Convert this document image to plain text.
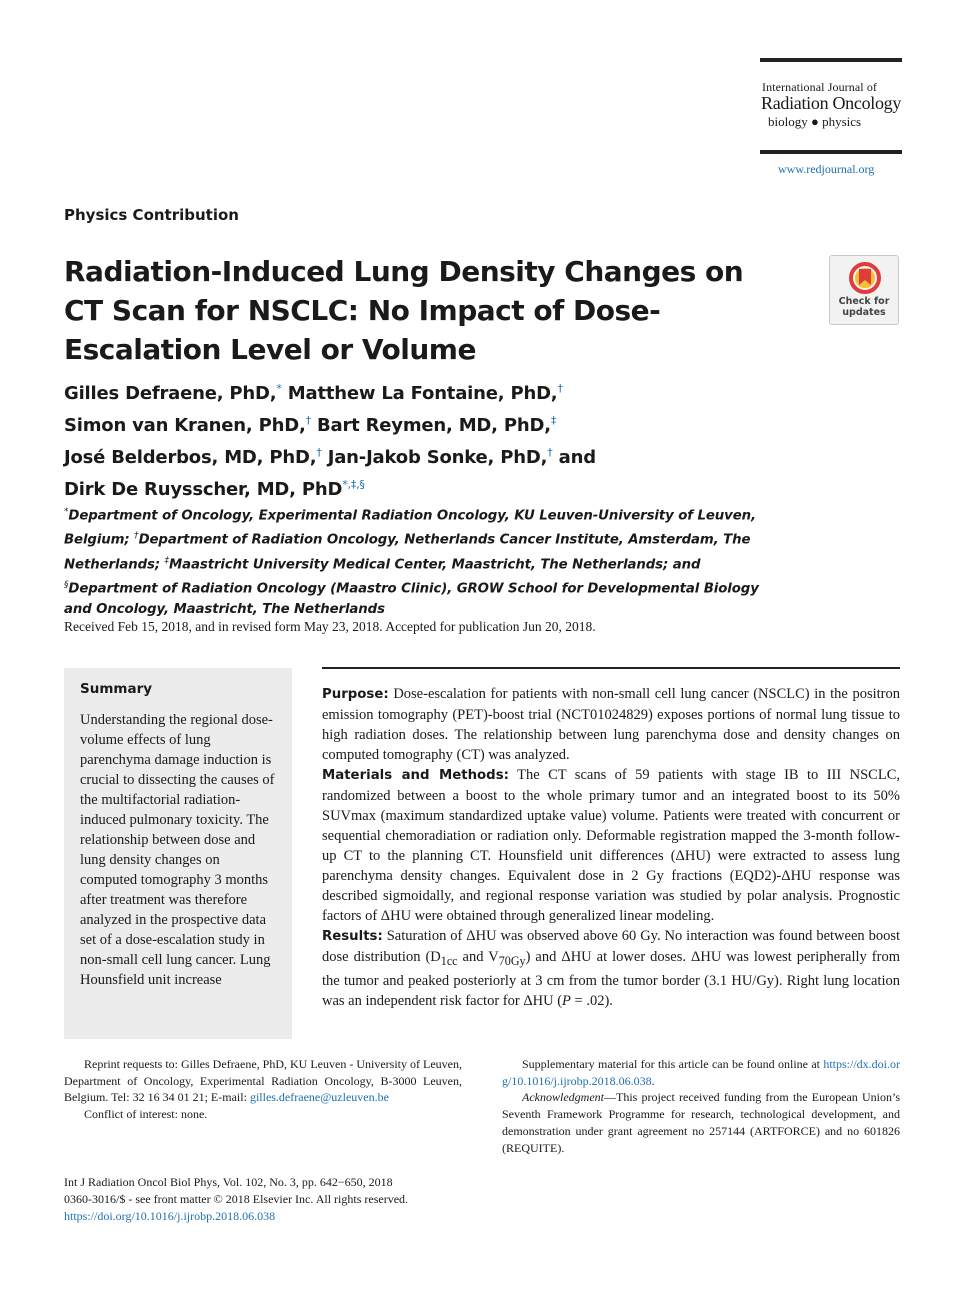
International Journal of
Radiation Oncology
biology ● physics
www.redjournal.org
Check for
updates
Physics Contribution
Radiation-Induced Lung Density Changes on CT Scan for NSCLC: No Impact of Dose-Escalation Level or Volume
Gilles Defraene, PhD,* Matthew La Fontaine, PhD,†
Simon van Kranen, PhD,† Bart Reymen, MD, PhD,‡
José Belderbos, MD, PhD,† Jan-Jakob Sonke, PhD,† and
Dirk De Ruysscher, MD, PhD*,‡,§
*Department of Oncology, Experimental Radiation Oncology, KU Leuven-University of Leuven, Belgium; †Department of Radiation Oncology, Netherlands Cancer Institute, Amsterdam, The Netherlands; ‡Maastricht University Medical Center, Maastricht, The Netherlands; and §Department of Radiation Oncology (Maastro Clinic), GROW School for Developmental Biology and Oncology, Maastricht, The Netherlands
Received Feb 15, 2018, and in revised form May 23, 2018. Accepted for publication Jun 20, 2018.
Summary
Understanding the regional dose-volume effects of lung parenchyma damage induction is crucial to dissecting the causes of the multifactorial radiation-induced pulmonary toxicity. The relationship between dose and lung density changes on computed tomography 3 months after treatment was therefore analyzed in the prospective data set of a dose-escalation study in non-small cell lung cancer. Lung Hounsfield unit increase

Purpose: Dose-escalation for patients with non-small cell lung cancer (NSCLC) in the positron emission tomography (PET)-boost trial (NCT01024829) exposes portions of normal lung tissue to high radiation doses. The relationship between lung parenchyma dose and density changes on computed tomography (CT) was analyzed.

Materials and Methods: The CT scans of 59 patients with stage IB to III NSCLC, randomized between a boost to the whole primary tumor and an integrated boost to its 50% SUVmax (maximum standardized uptake value) volume. Patients were treated with concurrent or sequential chemoradiation or radiation only. Deformable registration mapped the 3-month follow-up CT to the planning CT. Hounsfield unit differences (ΔHU) were extracted to assess lung parenchyma density changes. Equivalent dose in 2 Gy fractions (EQD2)-ΔHU response was described sigmoidally, and regional response variation was studied by polar analysis. Prognostic factors of ΔHU were obtained through generalized linear modeling.

Results: Saturation of ΔHU was observed above 60 Gy. No interaction was found between boost dose distribution ($D_{1cc}$ and $V_{70Gy}$) and ΔHU at lower doses. ΔHU was lowest peripherally from the tumor and peaked posteriorly at 3 cm from the tumor border (3.1 HU/Gy). Right lung location was an independent risk factor for ΔHU (P = .02).

Reprint requests to: Gilles Defraene, PhD, KU Leuven - University of Leuven, Department of Oncology, Experimental Radiation Oncology, B-3000 Leuven, Belgium. Tel: 32 16 34 01 21; E-mail: gilles.defraene@uzleuven.be

Conflict of interest: none.

Supplementary material for this article can be found online at https://dx.doi.org/10.1016/j.ijrobp.2018.06.038.

Acknowledgment—This project received funding from the European Union’s Seventh Framework Programme for research, technological development, and demonstration under grant agreement no 257144 (ARTFORCE) and no 601826 (REQUITE).

Int J Radiation Oncol Biol Phys, Vol. 102, No. 3, pp. 642−650, 2018
0360-3016/$ - see front matter © 2018 Elsevier Inc. All rights reserved.
https://doi.org/10.1016/j.ijrobp.2018.06.038
